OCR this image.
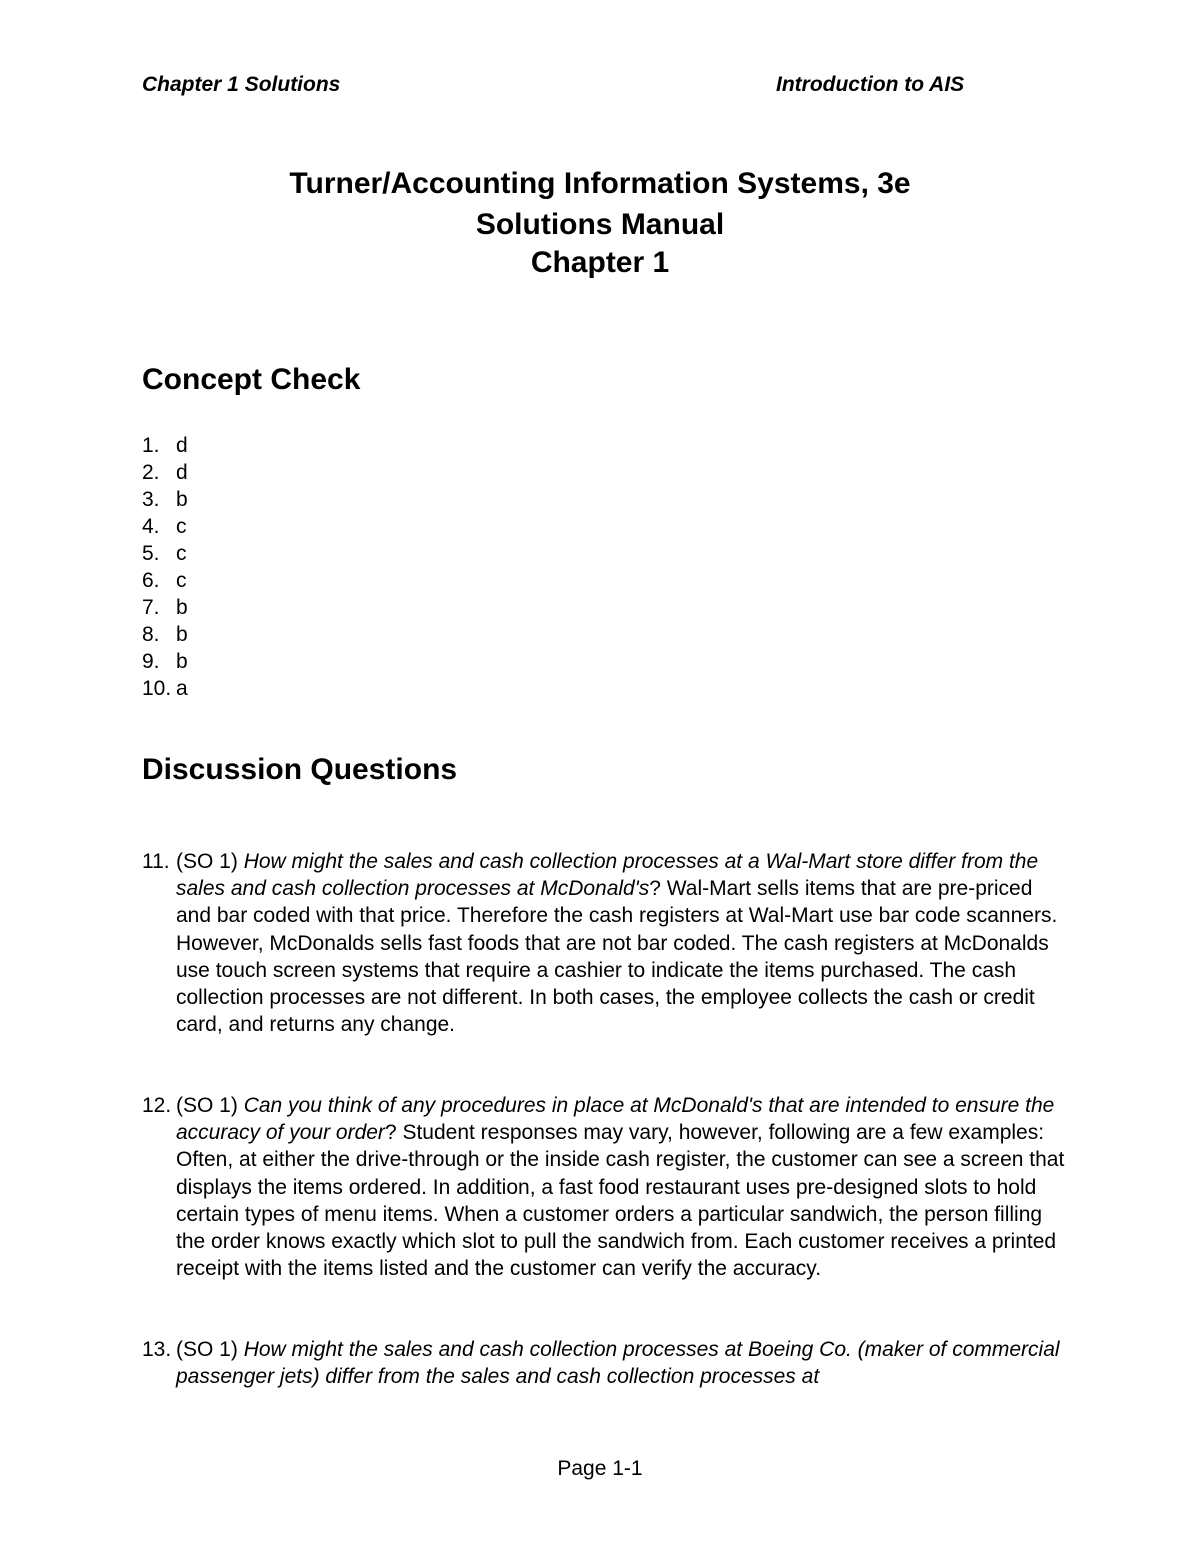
Chapter 1 Solutions	Introduction to AIS
Turner/Accounting Information Systems, 3e
Solutions Manual
Chapter 1
Concept Check
1. d
2. d
3. b
4. c
5. c
6. c
7. b
8. b
9. b
10. a
Discussion Questions
11. (SO 1) How might the sales and cash collection processes at a Wal-Mart store differ from the sales and cash collection processes at McDonald's? Wal-Mart sells items that are pre-priced and bar coded with that price. Therefore the cash registers at Wal-Mart use bar code scanners. However, McDonalds sells fast foods that are not bar coded. The cash registers at McDonalds use touch screen systems that require a cashier to indicate the items purchased. The cash collection processes are not different. In both cases, the employee collects the cash or credit card, and returns any change.
12. (SO 1) Can you think of any procedures in place at McDonald's that are intended to ensure the accuracy of your order? Student responses may vary, however, following are a few examples: Often, at either the drive-through or the inside cash register, the customer can see a screen that displays the items ordered. In addition, a fast food restaurant uses pre-designed slots to hold certain types of menu items. When a customer orders a particular sandwich, the person filling the order knows exactly which slot to pull the sandwich from. Each customer receives a printed receipt with the items listed and the customer can verify the accuracy.
13. (SO 1) How might the sales and cash collection processes at Boeing Co. (maker of commercial passenger jets) differ from the sales and cash collection processes at
Page 1-1
